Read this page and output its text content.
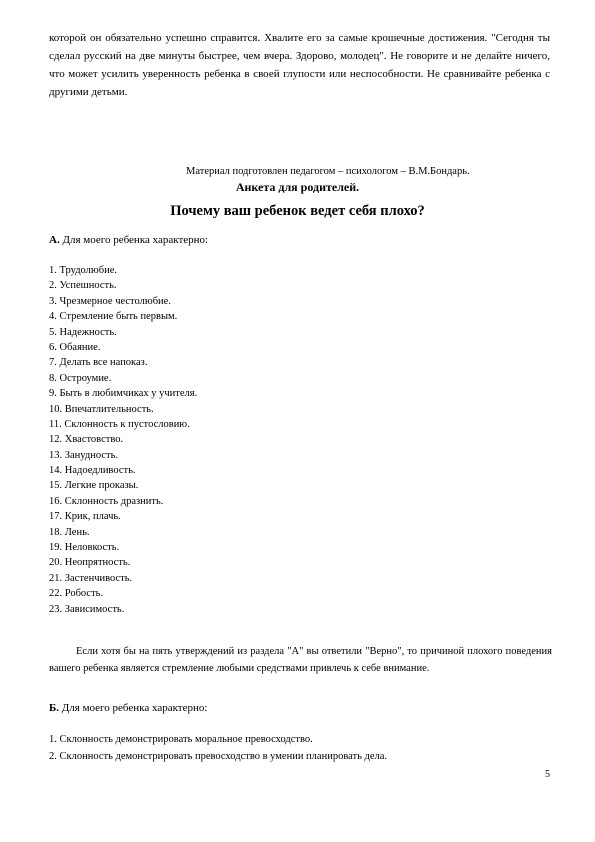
которой он обязательно успешно справится. Хвалите его за самые крошечные достижения. "Сегодня ты сделал русский на две минуты быстрее, чем вчера. Здорово, молодец". Не говорите и не делайте ничего, что может усилить уверенность ребенка в своей глупости или неспособности. Не сравнивайте ребенка с другими детьми.

Материал подготовлен педагогом – психологом – В.М.Бондарь.
Анкета для родителей.
Почему ваш ребенок ведет себя плохо?
А. Для моего ребенка характерно:
1. Трудолюбие.
2. Успешность.
3. Чрезмерное честолюбие.
4. Стремление быть первым.
5. Надежность.
6. Обаяние.
7. Делать все напоказ.
8. Остроумие.
9. Быть в любимчиках у учителя.
10. Впечатлительность.
11. Склонность к пустословию.
12. Хвастовство.
13. Занудность.
14. Надоедливость.
15. Легкие проказы.
16. Склонность дразнить.
17. Крик, плачь.
18. Лень.
19. Неловкость.
20. Неопрятность.
21. Застенчивость.
22. Робость.
23. Зависимость.

Если хотя бы на пять утверждений из раздела "А" вы ответили "Верно", то причиной плохого поведения вашего ребенка является стремление любыми средствами привлечь к себе внимание.

Б. Для моего ребенка характерно:
1. Склонность демонстрировать моральное превосходство.
2. Склонность демонстрировать превосходство в умении планировать дела.
5
